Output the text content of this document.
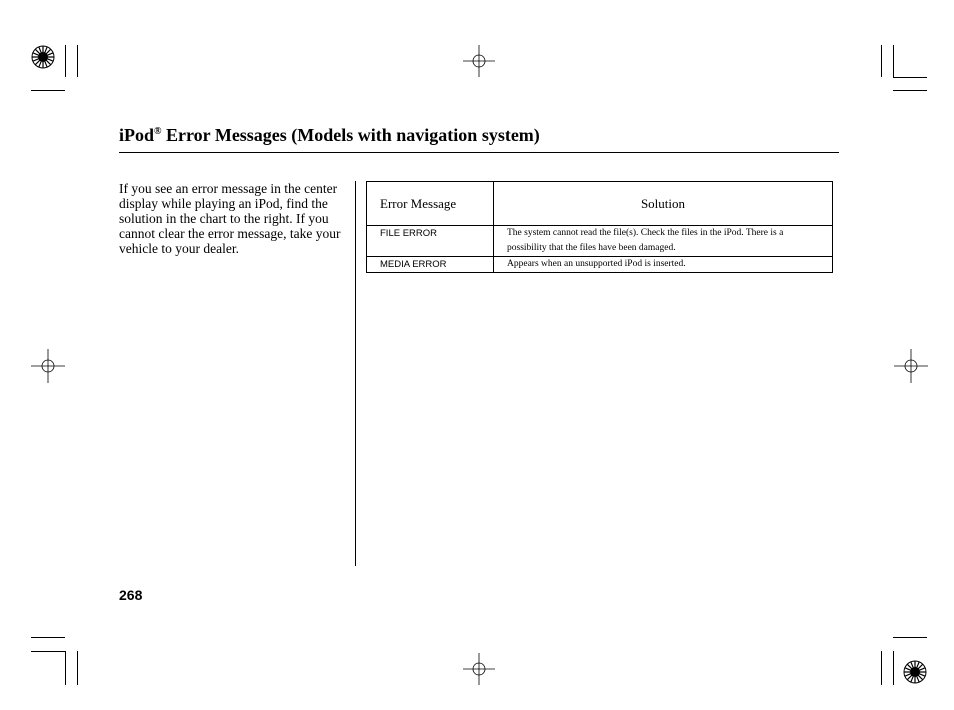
iPod® Error Messages (Models with navigation system)
If you see an error message in the center display while playing an iPod, find the solution in the chart to the right. If you cannot clear the error message, take your vehicle to your dealer.
Error Message	Solution
FILE ERROR	The system cannot read the file(s). Check the files in the iPod. There is a possibility that the files have been damaged.
MEDIA ERROR	Appears when an unsupported iPod is inserted.
268
